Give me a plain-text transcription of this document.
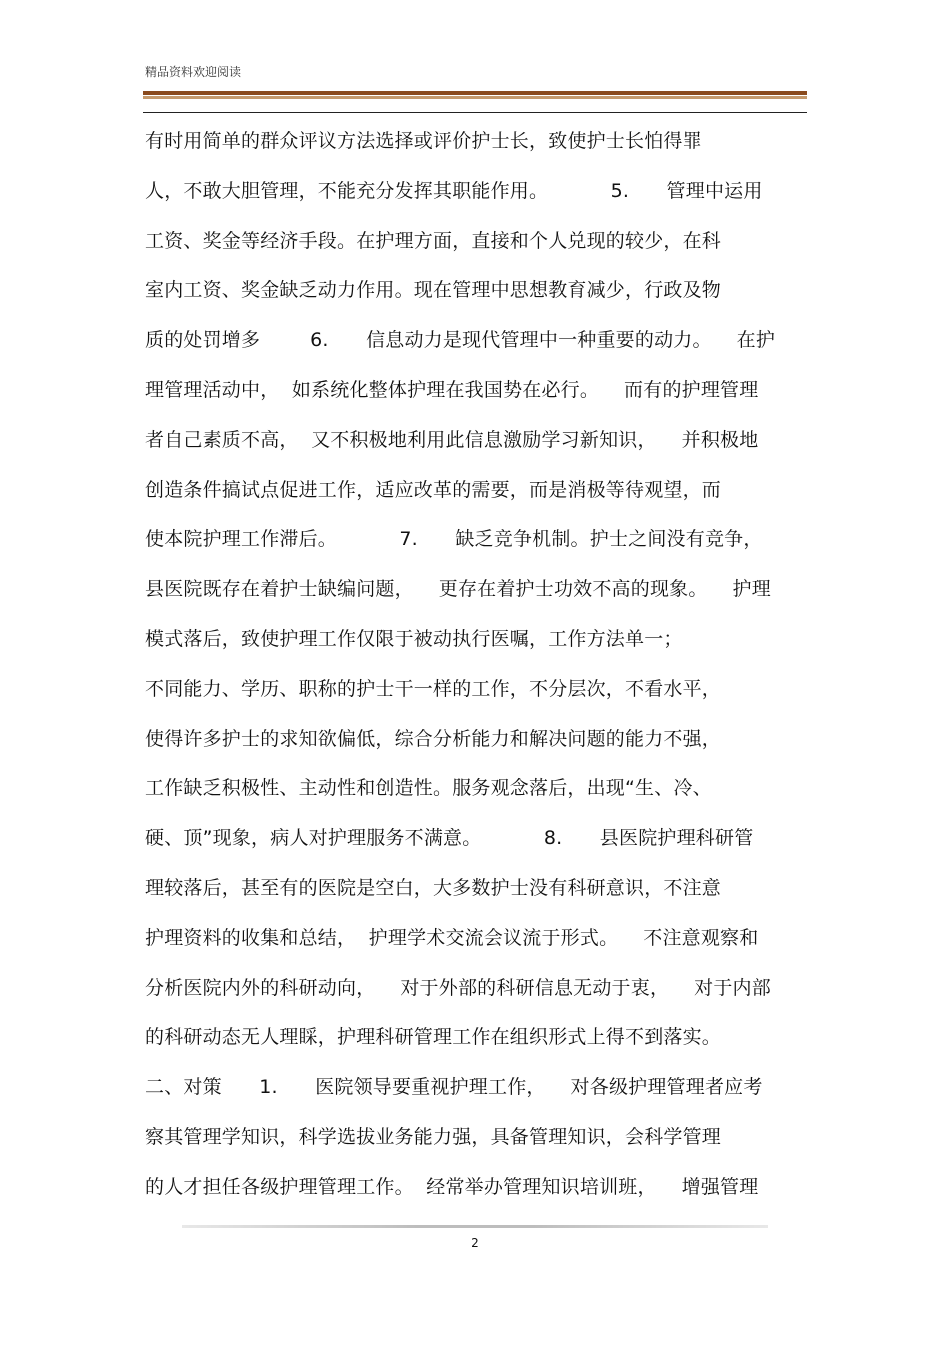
精品资料欢迎阅读
有时用简单的群众评议方法选择或评价护士长，致使护士长怕得罪
人，不敢大胆管理，不能充分发挥其职能作用。          5.      管理中运用
工资、奖金等经济手段。在护理方面，直接和个人兑现的较少，在科
室内工资、奖金缺乏动力作用。现在管理中思想教育减少，行政及物
质的处罚增多        6.      信息动力是现代管理中一种重要的动力。    在护
理管理活动中，  如系统化整体护理在我国势在必行。    而有的护理管理
者自己素质不高，  又不积极地利用此信息激励学习新知识，    并积极地
创造条件搞试点促进工作，适应改革的需要，而是消极等待观望，而
使本院护理工作滞后。          7.      缺乏竞争机制。护士之间没有竞争，
县医院既存在着护士缺编问题，    更存在着护士功效不高的现象。    护理
模式落后，致使护理工作仅限于被动执行医嘱，工作方法单一；
不同能力、学历、职称的护士干一样的工作，不分层次，不看水平，
使得许多护士的求知欲偏低，综合分析能力和解决问题的能力不强，
工作缺乏积极性、主动性和创造性。服务观念落后，出现“生、冷、
硬、顶”现象，病人对护理服务不满意。          8.      县医院护理科研管
理较落后，甚至有的医院是空白，大多数护士没有科研意识，不注意
护理资料的收集和总结，  护理学术交流会议流于形式。    不注意观察和
分析医院内外的科研动向，    对于外部的科研信息无动于衷，    对于内部
的科研动态无人理睬，护理科研管理工作在组织形式上得不到落实。
二、对策      1.      医院领导要重视护理工作，    对各级护理管理者应考
察其管理学知识，科学选拔业务能力强，具备管理知识，会科学管理
的人才担任各级护理管理工作。  经常举办管理知识培训班，    增强管理
2
